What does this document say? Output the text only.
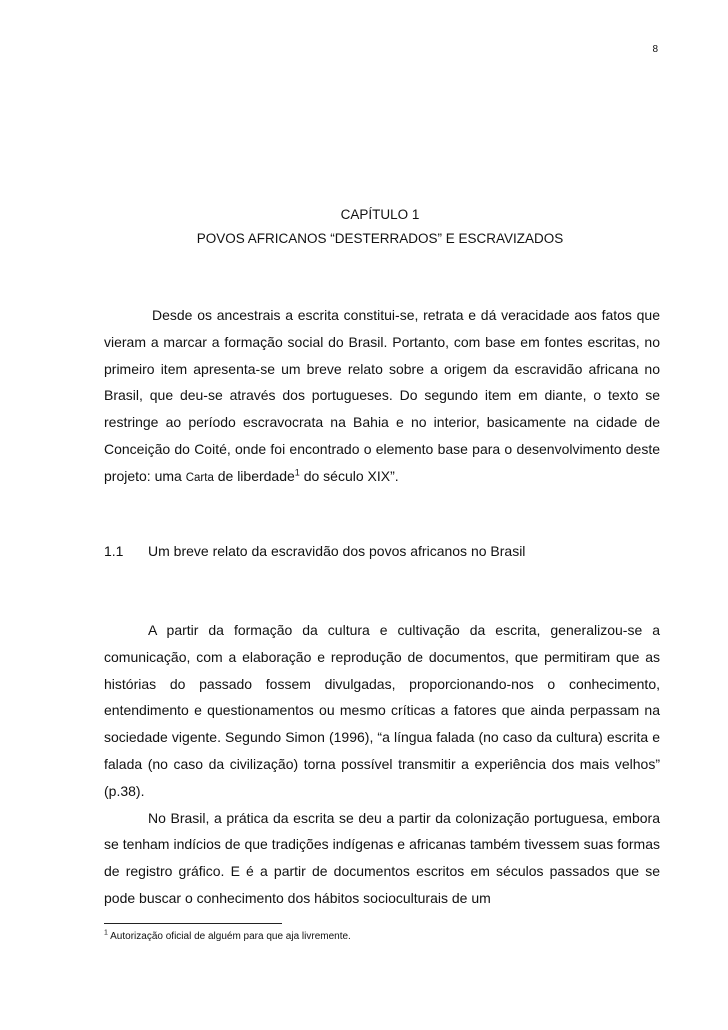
8
CAPÍTULO 1
POVOS AFRICANOS “DESTERRADOS” E ESCRAVIZADOS

Desde os ancestrais a escrita constitui-se, retrata e dá veracidade aos fatos que vieram a marcar a formação social do Brasil. Portanto, com base em fontes escritas, no primeiro item apresenta-se um breve relato sobre a origem da escravidão africana no Brasil, que deu-se através dos portugueses. Do segundo item em diante, o texto se restringe ao período escravocrata na Bahia e no interior, basicamente na cidade de Conceição do Coité, onde foi encontrado o elemento base para o desenvolvimento deste projeto: uma Carta de liberdade$^1$ do século XIX”.

1.1 Um breve relato da escravidão dos povos africanos no Brasil

A partir da formação da cultura e cultivação da escrita, generalizou-se a comunicação, com a elaboração e reprodução de documentos, que permitiram que as histórias do passado fossem divulgadas, proporcionando-nos o conhecimento, entendimento e questionamentos ou mesmo críticas a fatores que ainda perpassam na sociedade vigente. Segundo Simon (1996), “a língua falada (no caso da cultura) escrita e falada (no caso da civilização) torna possível transmitir a experiência dos mais velhos” (p.38).

No Brasil, a prática da escrita se deu a partir da colonização portuguesa, embora se tenham indícios de que tradições indígenas e africanas também tivessem suas formas de registro gráfico. E é a partir de documentos escritos em séculos passados que se pode buscar o conhecimento dos hábitos socioculturais de um

$^1$ Autorização oficial de alguém para que aja livremente.
